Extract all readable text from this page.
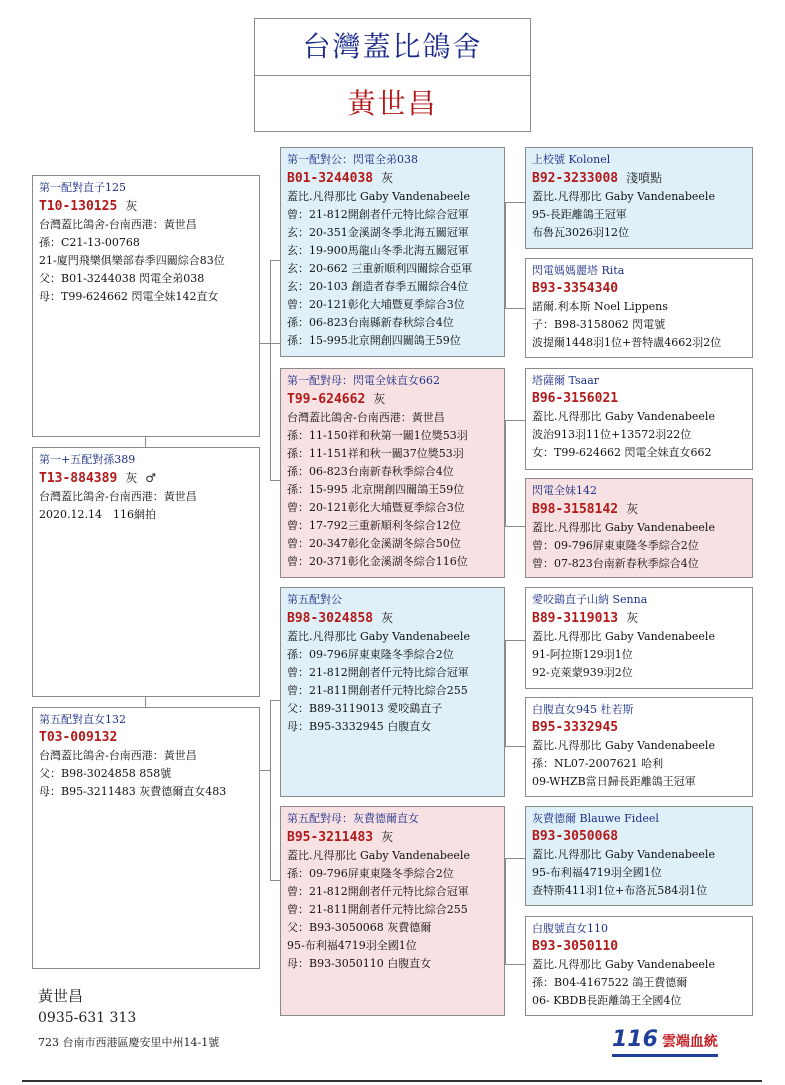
台灣蓋比鴿舍
黃世昌
第一配對直子125
T10-130125 灰
台灣蓋比鴿舍-台南西港：黃世昌
孫：C21-13-00768
21-廈門飛樂俱樂部春季四關綜合83位
父：B01-3244038 閃電全弟038
母：T99-624662 閃電全妹142直女
第一+五配對孫389
T13-884389 灰 ♂
台灣蓋比鴿舍-台南西港：黃世昌
2020.12.14　116網拍
第五配對直女132
T03-009132
台灣蓋比鴿舍-台南西港：黃世昌
父：B98-3024858 858號
母：B95-3211483 灰費德爾直女483
第一配對公：閃電全弟038
B01-3244038 灰
蓋比.凡得那比 Gaby Vandenabeele
曾：21-812開創者仟元特比綜合冠軍
玄：20-351金溪湖冬季北海五關冠軍
玄：19-900馬龍山冬季北海五關冠軍
玄：20-662 三重新順利四關綜合亞軍
玄：20-103 創造者春季五關綜合4位
曾：20-121彰化大埔暨夏季綜合3位
孫：06-823台南縣新春秋綜合4位
孫：15-995北京開創四關鴿王59位
第一配對母：閃電全妹直女662
T99-624662 灰
台灣蓋比鴿舍-台南西港：黃世昌
孫：11-150祥和秋第一關1位獎53羽
孫：11-151祥和秋一關37位獎53羽
孫：06-823台南新春秋季綜合4位
孫：15-995 北京開創四關鴿王59位
曾：20-121彰化大埔暨夏季綜合3位
曾：17-792三重新順利冬綜合12位
曾：20-347彰化金溪湖冬綜合50位
曾：20-371彰化金溪湖冬綜合116位
第五配對公
B98-3024858 灰
蓋比.凡得那比 Gaby Vandenabeele
孫：09-796屏東東隆冬季綜合2位
曾：21-812開創者仟元特比綜合冠軍
曾：21-811開創者仟元特比綜合255
父：B89-3119013 愛咬鷂直子
母：B95-3332945 白腹直女
第五配對母：灰費德爾直女
B95-3211483 灰
蓋比.凡得那比 Gaby Vandenabeele
孫：09-796屏東東隆冬季綜合2位
曾：21-812開創者仟元特比綜合冠軍
曾：21-811開創者仟元特比綜合255
父：B93-3050068 灰費德爾
95-布利福4719羽全國1位
母：B93-3050110 白腹直女
上校號 Kolonel
B92-3233008 淺噴點
蓋比.凡得那比 Gaby Vandenabeele
95-長距離鴿王冠軍
布魯瓦3026羽12位
閃電媽媽麗塔 Rita
B93-3354340
諾爾.利本斯 Noel Lippens
子：B98-3158062 閃電號
波提爾1448羽1位+普特盧4662羽2位
塔薩爾 Tsaar
B96-3156021
蓋比.凡得那比 Gaby Vandenabeele
波治913羽11位+13572羽22位
女：T99-624662 閃電全妹直女662
閃電全妹142
B98-3158142 灰
蓋比.凡得那比 Gaby Vandenabeele
曾：09-796屏東東隆冬季綜合2位
曾：07-823台南新春秋季綜合4位
愛咬鷂直子山納 Senna
B89-3119013 灰
蓋比.凡得那比 Gaby Vandenabeele
91-阿拉斯129羽1位
92-克萊蒙939羽2位
白腹直女945 杜若斯
B95-3332945
蓋比.凡得那比 Gaby Vandenabeele
孫：NL07-2007621 哈利
09-WHZB當日歸長距離鴿王冠軍
灰費德爾 Blauwe Fideel
B93-3050068
蓋比.凡得那比 Gaby Vandenabeele
95-布利福4719羽全國1位
查特斯411羽1位+布洛瓦584羽1位
白腹號直女110
B93-3050110
蓋比.凡得那比 Gaby Vandenabeele
孫：B04-4167522 鴿王費德爾
06- KBDB長距離鴿王全國4位
黃世昌
0935-631 313
723 台南市西港區慶安里中州14-1號	116 雲端血統
